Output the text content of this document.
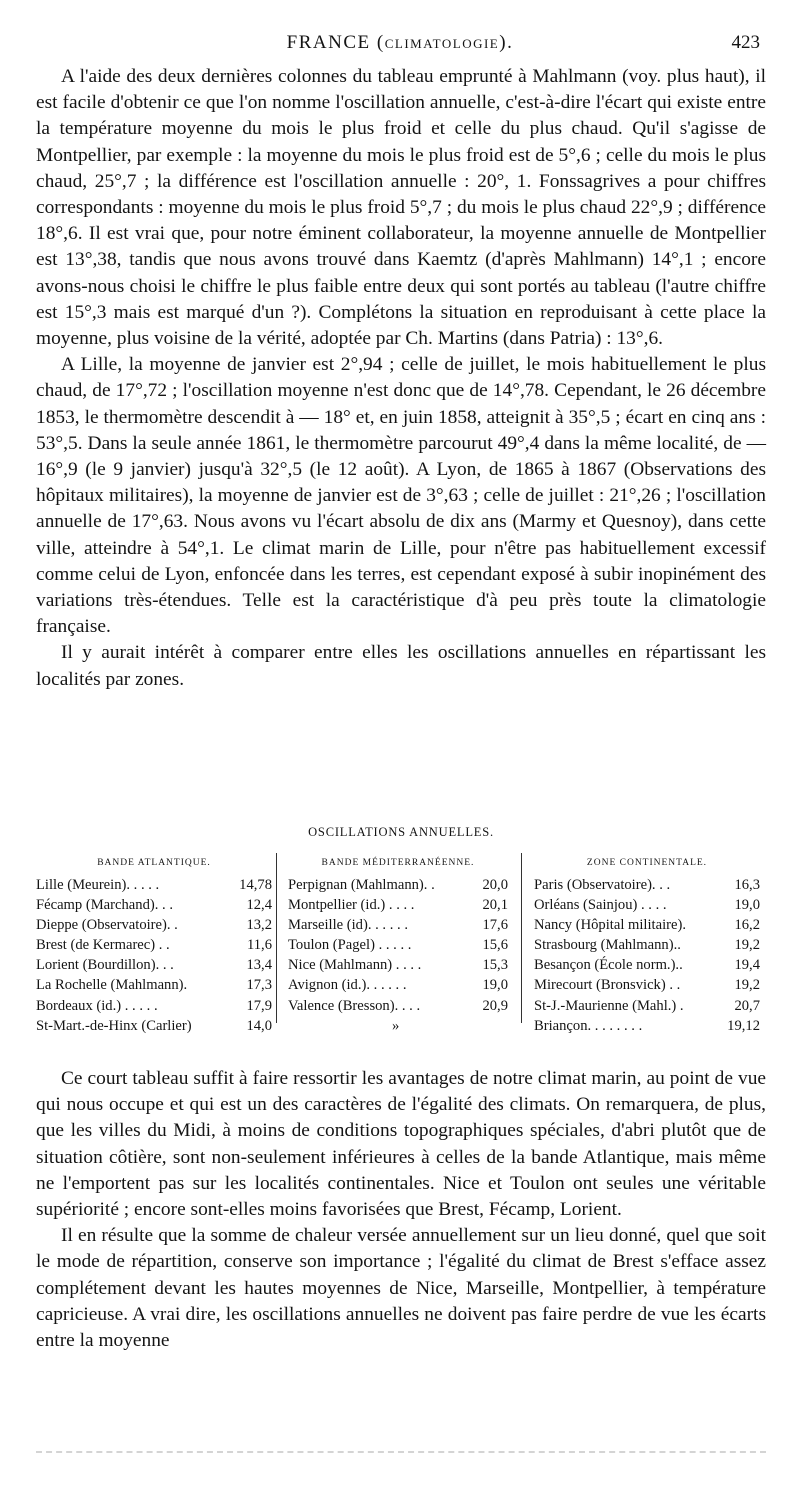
FRANCE (CLIMATOLOGIE).	423

A l'aide des deux dernières colonnes du tableau emprunté à Mahlmann (voy. plus haut), il est facile d'obtenir ce que l'on nomme l'oscillation annuelle, c'est-à-dire l'écart qui existe entre la température moyenne du mois le plus froid et celle du plus chaud. Qu'il s'agisse de Montpellier, par exemple : la moyenne du mois le plus froid est de 5°,6 ; celle du mois le plus chaud, 25°,7 ; la différence est l'oscillation annuelle : 20°, 1. Fonssagrives a pour chiffres correspondants : moyenne du mois le plus froid 5°,7 ; du mois le plus chaud 22°,9 ; différence 18°,6. Il est vrai que, pour notre éminent collaborateur, la moyenne annuelle de Montpellier est 13°,38, tandis que nous avons trouvé dans Kaemtz (d'après Mahlmann) 14°,1 ; encore avons-nous choisi le chiffre le plus faible entre deux qui sont portés au tableau (l'autre chiffre est 15°,3 mais est marqué d'un ?). Complétons la situation en reproduisant à cette place la moyenne, plus voisine de la vérité, adoptée par Ch. Martins (dans Patria) : 13°,6.

A Lille, la moyenne de janvier est 2°,94 ; celle de juillet, le mois habituellement le plus chaud, de 17°,72 ; l'oscillation moyenne n'est donc que de 14°,78. Cependant, le 26 décembre 1853, le thermomètre descendit à — 18° et, en juin 1858, atteignit à 35°,5 ; écart en cinq ans : 53°,5. Dans la seule année 1861, le thermomètre parcourut 49°,4 dans la même localité, de — 16°,9 (le 9 janvier) jusqu'à 32°,5 (le 12 août). A Lyon, de 1865 à 1867 (Observations des hôpitaux militaires), la moyenne de janvier est de 3°,63 ; celle de juillet : 21°,26 ; l'oscillation annuelle de 17°,63. Nous avons vu l'écart absolu de dix ans (Marmy et Quesnoy), dans cette ville, atteindre à 54°,1. Le climat marin de Lille, pour n'être pas habituellement excessif comme celui de Lyon, enfoncée dans les terres, est cependant exposé à subir inopinément des variations très-étendues. Telle est la caractéristique d'à peu près toute la climatologie française.

Il y aurait intérêt à comparer entre elles les oscillations annuelles en répartissant les localités par zones.

OSCILLATIONS ANNUELLES.
BANDE ATLANTIQUE.
Lille (Meurein). . . . .	14,78
Fécamp (Marchand). . .	12,4
Dieppe (Observatoire). .	13,2
Brest (de Kermarec) . .	11,6
Lorient (Bourdillon). . .	13,4
La Rochelle (Mahlmann).	17,3
Bordeaux (id.) . . . . .	17,9
St-Mart.-de-Hinx (Carlier)	14,0
BANDE MÉDITERRANÉENNE.
Perpignan (Mahlmann). .	20,0
Montpellier (id.) . . . .	20,1
Marseille (id). . . . . .	17,6
Toulon (Pagel) . . . . .	15,6
Nice (Mahlmann) . . . .	15,3
Avignon (id.). . . . . .	19,0
Valence (Bresson). . . .	20,9
»
ZONE CONTINENTALE.
Paris (Observatoire). . .	16,3
Orléans (Sainjou) . . . .	19,0
Nancy (Hôpital militaire).	16,2
Strasbourg (Mahlmann)..	19,2
Besançon (École norm.)..	19,4
Mirecourt (Bronsvick) . .	19,2
St-J.-Maurienne (Mahl.) .	20,7
Briançon. . . . . . . .	19,12

Ce court tableau suffit à faire ressortir les avantages de notre climat marin, au point de vue qui nous occupe et qui est un des caractères de l'égalité des climats. On remarquera, de plus, que les villes du Midi, à moins de conditions topographiques spéciales, d'abri plutôt que de situation côtière, sont non-seulement inférieures à celles de la bande Atlantique, mais même ne l'emportent pas sur les localités continentales. Nice et Toulon ont seules une véritable supériorité ; encore sont-elles moins favorisées que Brest, Fécamp, Lorient.

Il en résulte que la somme de chaleur versée annuellement sur un lieu donné, quel que soit le mode de répartition, conserve son importance ; l'égalité du climat de Brest s'efface assez complétement devant les hautes moyennes de Nice, Marseille, Montpellier, à température capricieuse. A vrai dire, les oscillations annuelles ne doivent pas faire perdre de vue les écarts entre la moyenne
